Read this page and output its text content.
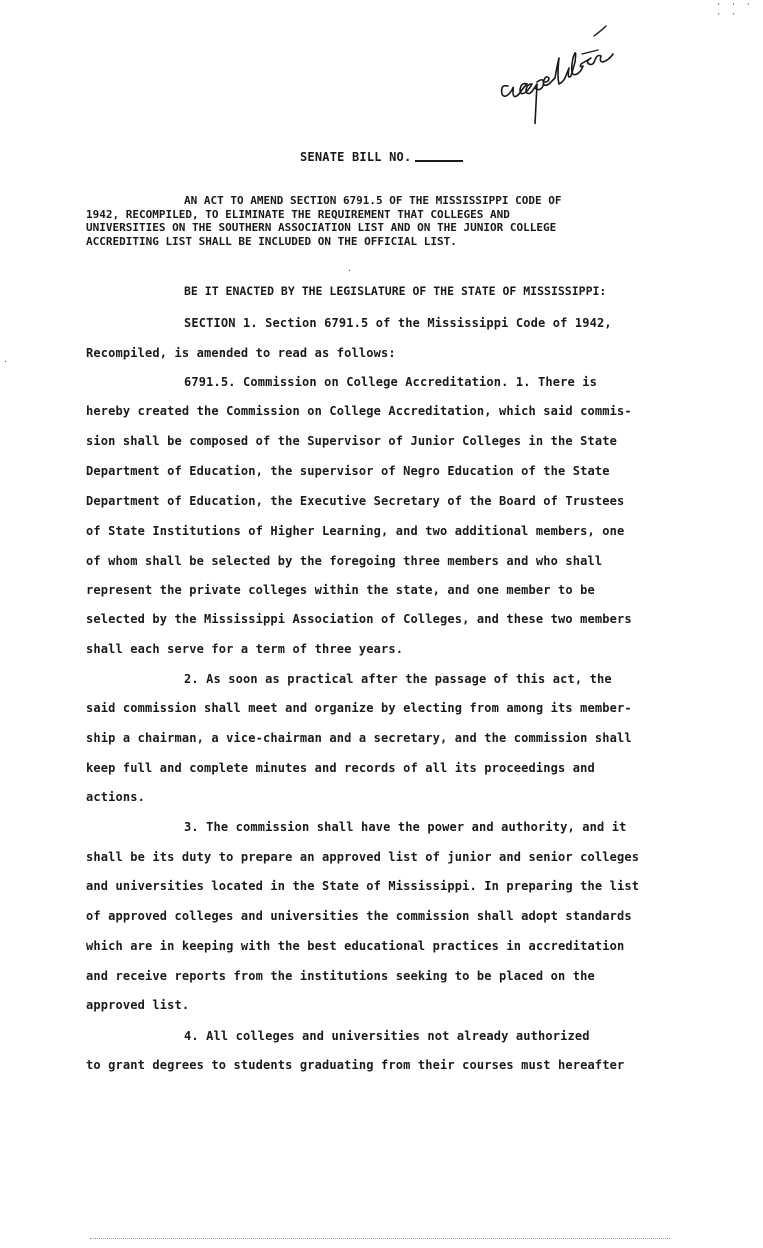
· · · · ·
SENATE BILL NO.
AN ACT TO AMEND SECTION 6791.5 OF THE MISSISSIPPI CODE OF
1942, RECOMPILED, TO ELIMINATE THE REQUIREMENT THAT COLLEGES AND
UNIVERSITIES ON THE SOUTHERN ASSOCIATION LIST AND ON THE JUNIOR COLLEGE
ACCREDITING LIST SHALL BE INCLUDED ON THE OFFICIAL LIST.
·
BE IT ENACTED BY THE LEGISLATURE OF THE STATE OF MISSISSIPPI:
SECTION 1. Section 6791.5 of the Mississippi Code of 1942,
Recompiled, is amended to read as follows:
·
6791.5. Commission on College Accreditation. 1. There is
hereby created the Commission on College Accreditation, which said commis-
sion shall be composed of the Supervisor of Junior Colleges in the State
Department of Education, the supervisor of Negro Education of the State
Department of Education, the Executive Secretary of the Board of Trustees
of State Institutions of Higher Learning, and two additional members, one
of whom shall be selected by the foregoing three members and who shall
represent the private colleges within the state, and one member to be
selected by the Mississippi Association of Colleges, and these two members
shall each serve for a term of three years.
2. As soon as practical after the passage of this act, the
said commission shall meet and organize by electing from among its member-
ship a chairman, a vice-chairman and a secretary, and the commission shall
keep full and complete minutes and records of all its proceedings and
actions.
3. The commission shall have the power and authority, and it
shall be its duty to prepare an approved list of junior and senior colleges
and universities located in the State of Mississippi. In preparing the list
of approved colleges and universities the commission shall adopt standards
which are in keeping with the best educational practices in accreditation
and receive reports from the institutions seeking to be placed on the
approved list.
4. All colleges and universities not already authorized
to grant degrees to students graduating from their courses must hereafter
